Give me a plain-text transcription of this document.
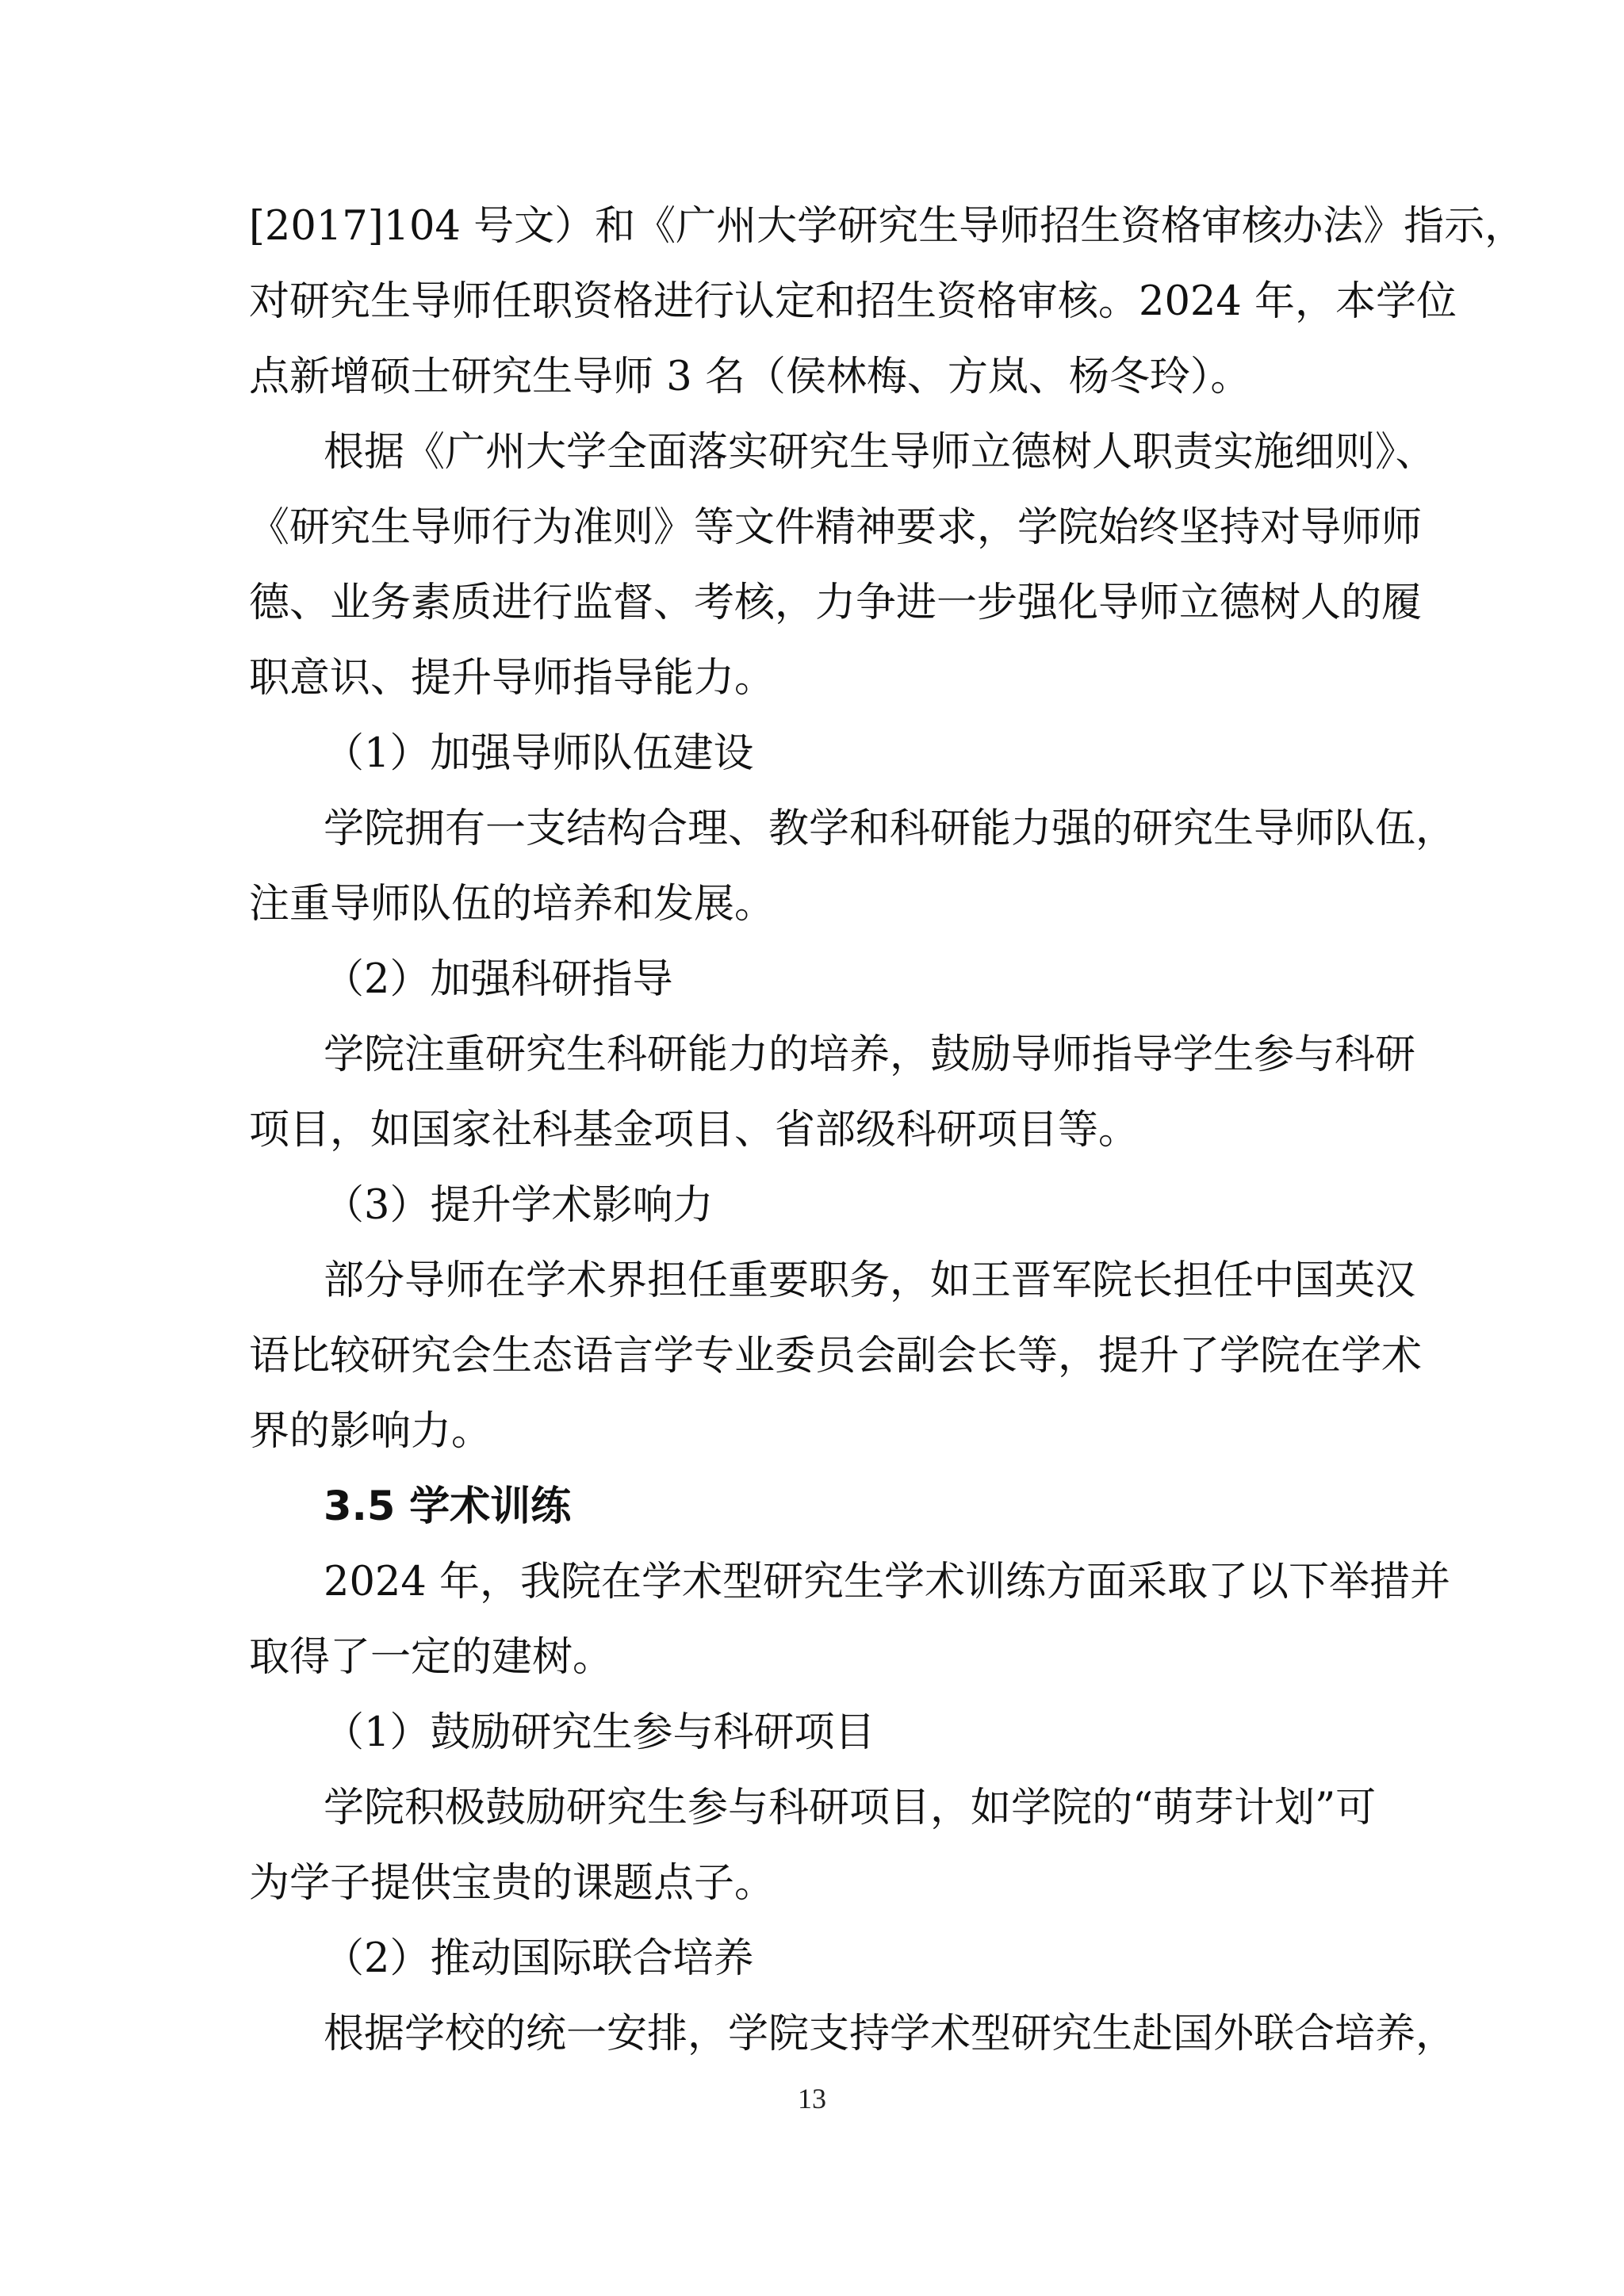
[2017]104 号文）和《广州大学研究生导师招生资格审核办法》指示，
对研究生导师任职资格进行认定和招生资格审核。2024 年，本学位
点新增硕士研究生导师 3 名（侯林梅、方岚、杨冬玲）。
根据《广州大学全面落实研究生导师立德树人职责实施细则》、
《研究生导师行为准则》等文件精神要求，学院始终坚持对导师师
德、业务素质进行监督、考核，力争进一步强化导师立德树人的履
职意识、提升导师指导能力。
（1）加强导师队伍建设
学院拥有一支结构合理、教学和科研能力强的研究生导师队伍，
注重导师队伍的培养和发展。
（2）加强科研指导
学院注重研究生科研能力的培养，鼓励导师指导学生参与科研
项目，如国家社科基金项目、省部级科研项目等。
（3）提升学术影响力
部分导师在学术界担任重要职务，如王晋军院长担任中国英汉
语比较研究会生态语言学专业委员会副会长等，提升了学院在学术
界的影响力。
3.5 学术训练
2024 年，我院在学术型研究生学术训练方面采取了以下举措并
取得了一定的建树。
（1）鼓励研究生参与科研项目
学院积极鼓励研究生参与科研项目，如学院的“萌芽计划”可
为学子提供宝贵的课题点子。
（2）推动国际联合培养
根据学校的统一安排，学院支持学术型研究生赴国外联合培养，
13
